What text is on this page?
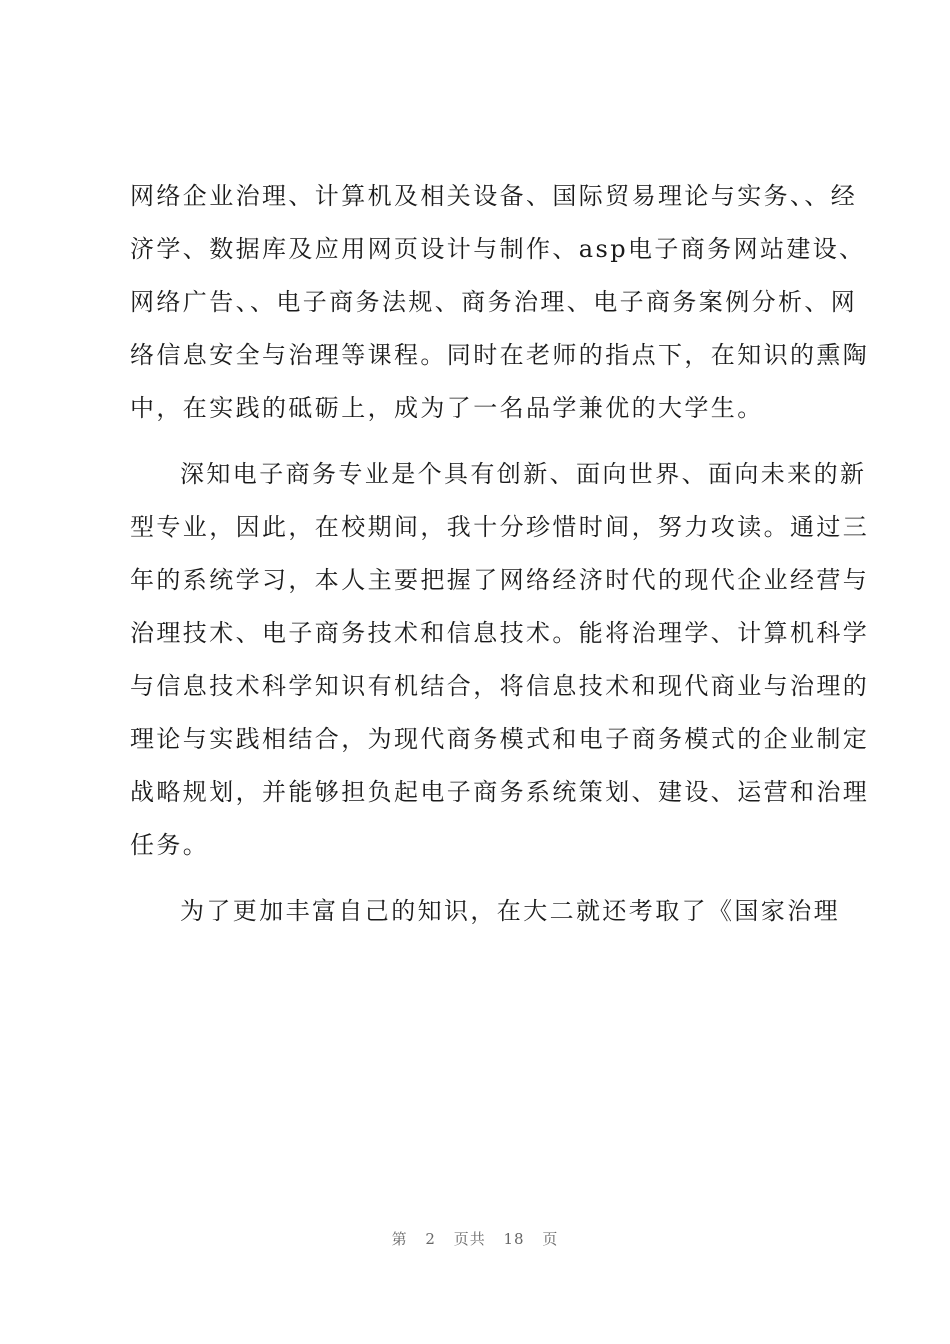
网络企业治理、计算机及相关设备、国际贸易理论与实务、、经
济学、数据库及应用网页设计与制作、asp电子商务网站建设、
网络广告、、电子商务法规、商务治理、电子商务案例分析、网
络信息安全与治理等课程。同时在老师的指点下，在知识的熏陶
中，在实践的砥砺上，成为了一名品学兼优的大学生。
深知电子商务专业是个具有创新、面向世界、面向未来的新
型专业，因此，在校期间，我十分珍惜时间，努力攻读。通过三
年的系统学习，本人主要把握了网络经济时代的现代企业经营与
治理技术、电子商务技术和信息技术。能将治理学、计算机科学
与信息技术科学知识有机结合，将信息技术和现代商业与治理的
理论与实践相结合，为现代商务模式和电子商务模式的企业制定
战略规划，并能够担负起电子商务系统策划、建设、运营和治理
任务。
为了更加丰富自己的知识，在大二就还考取了《国家治理
第 2 页共 18 页
